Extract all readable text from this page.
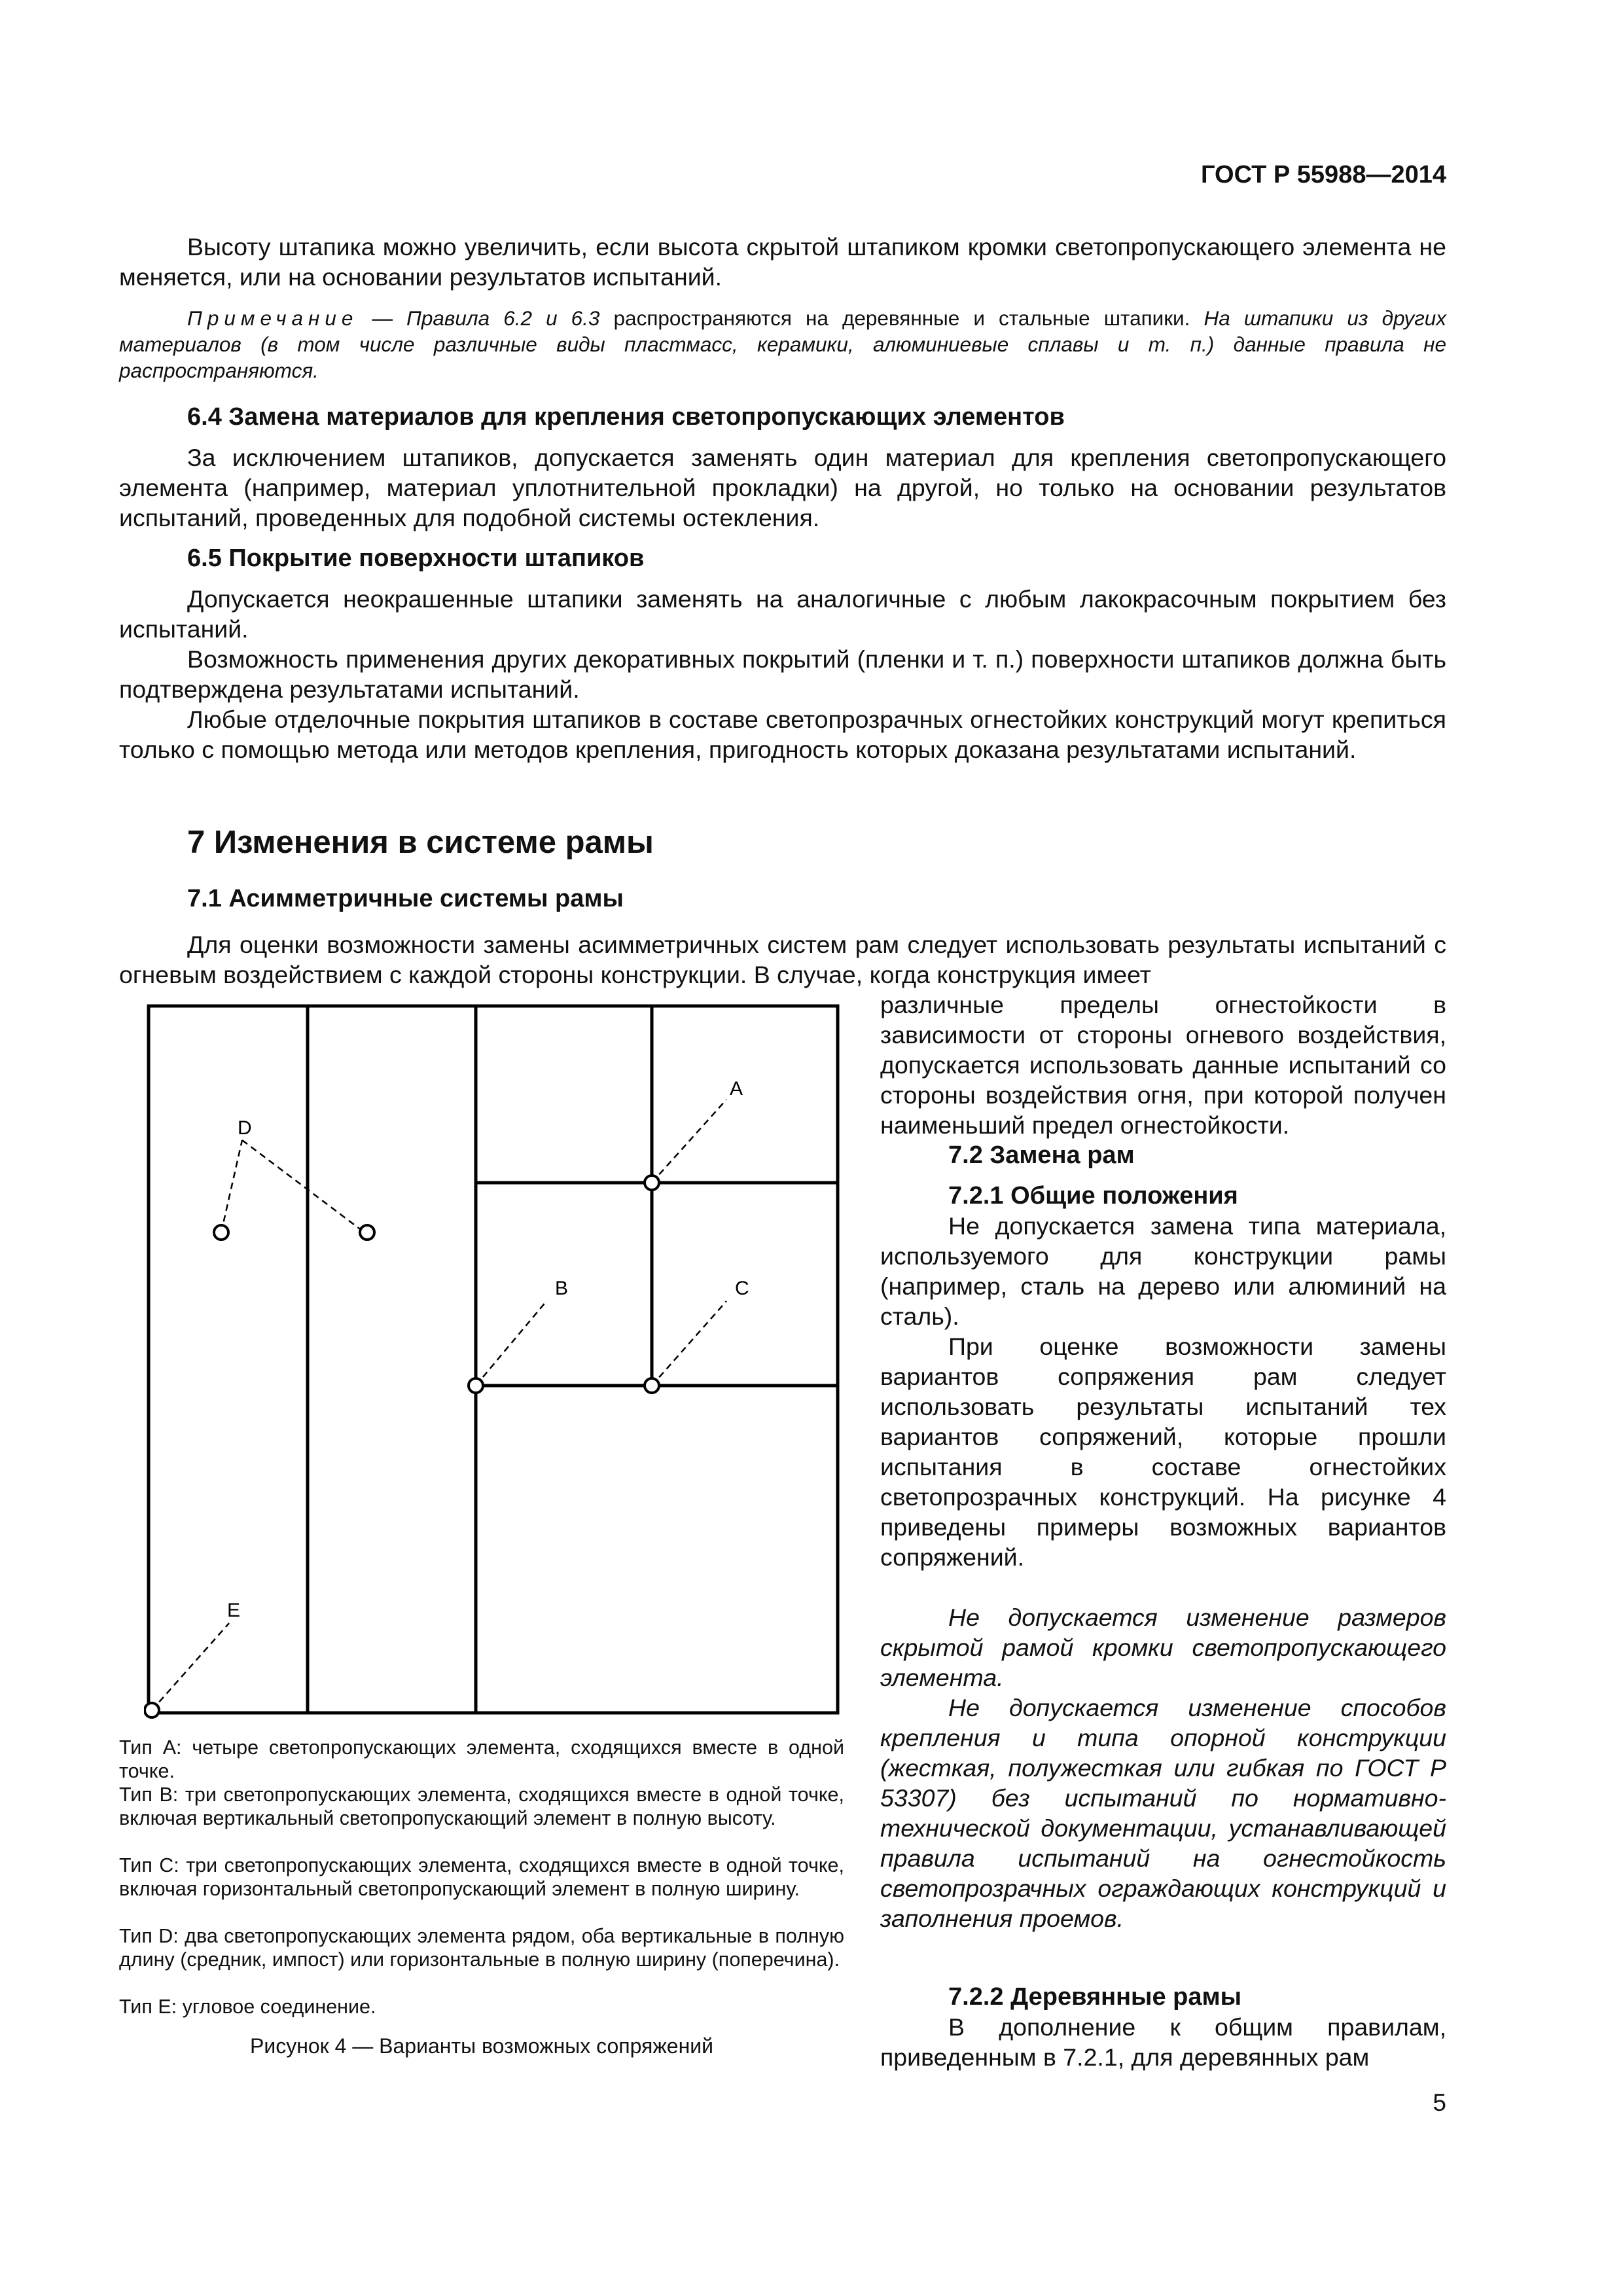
ГОСТ Р 55988—2014

Высоту штапика можно увеличить, если высота скрытой штапиком кромки светопропускающего элемента не меняется, или на основании результатов испытаний.

Примечание — Правила 6.2 и 6.3 распространяются на деревянные и стальные штапики. На штапики из других материалов (в том числе различные виды пластмасс, керамики, алюминиевые сплавы и т. п.) данные правила не распространяются.

6.4 Замена материалов для крепления светопропускающих элементов

За исключением штапиков, допускается заменять один материал для крепления светопропускающего элемента (например, материал уплотнительной прокладки) на другой, но только на основании результатов испытаний, проведенных для подобной системы остекления.

6.5 Покрытие поверхности штапиков

Допускается неокрашенные штапики заменять на аналогичные с любым лакокрасочным покрытием без испытаний.

Возможность применения других декоративных покрытий (пленки и т. п.) поверхности штапиков должна быть подтверждена результатами испытаний.

Любые отделочные покрытия штапиков в составе светопрозрачных огнестойких конструкций могут крепиться только с помощью метода или методов крепления, пригодность которых доказана результатами испытаний.

7 Изменения в системе рамы

7.1 Асимметричные системы рамы

Для оценки возможности замены асимметричных систем рам следует использовать результаты испытаний с огневым воздействием с каждой стороны конструкции. В случае, когда конструкция имеет

различные пределы огнестойкости в зависимости от стороны огневого воздействия, допускается использовать данные испытаний со стороны воздействия огня, при которой получен наименьший предел огнестойкости.

A
B	C
D
E

Тип А: четыре светопропускающих элемента, сходящихся вместе в одной точке.

Тип В: три светопропускающих элемента, сходящихся вместе в одной точке, включая вертикальный светопропускающий элемент в полную высоту.

Тип С: три светопропускающих элемента, сходящихся вместе в одной точке, включая горизонтальный светопропускающий элемент в полную ширину.

Тип D: два светопропускающих элемента рядом, оба вертикальные в полную длину (средник, импост) или горизонтальные в полную ширину (поперечина).

Тип Е: угловое соединение.

Рисунок 4 — Варианты возможных сопряжений

7.2 Замена рам

7.2.1 Общие положения

Не допускается замена типа материала, используемого для конструкции рамы (например, сталь на дерево или алюминий на сталь).

При оценке возможности замены вариантов сопряжения рам следует использовать результаты испытаний тех вариантов сопряжений, которые прошли испытания в составе огнестойких светопрозрачных конструкций. На рисунке 4 приведены примеры возможных вариантов сопряжений.

Не допускается изменение размеров скрытой рамой кромки светопропускающего элемента.

Не допускается изменение способов крепления и типа опорной конструкции (жесткая, полужесткая или гибкая по ГОСТ Р 53307) без испытаний по нормативно-технической документации, устанавливающей правила испытаний на огнестойкость светопрозрачных ограждающих конструкций и заполнения проемов.

7.2.2 Деревянные рамы

В дополнение к общим правилам, приведенным в 7.2.1, для деревянных рам

5
